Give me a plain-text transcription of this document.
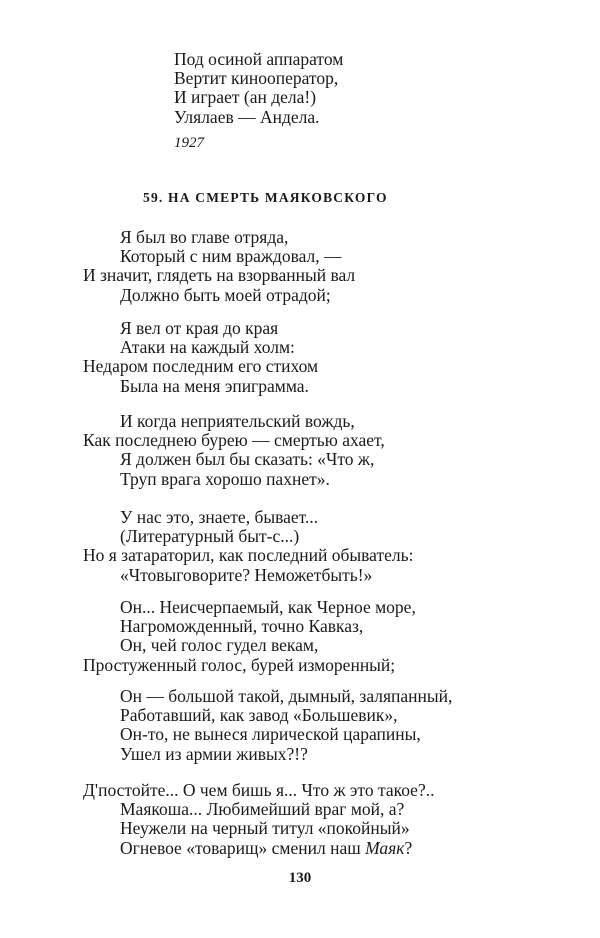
Под осиной аппаратом
Вертит кинооператор,
И играет (ан дела!)
Улялаев — Андела.
1927
59. НА СМЕРТЬ МАЯКОВСКОГО
Я был во главе отряда,
Который с ним враждовал, —
И значит, глядеть на взорванный вал
Должно быть моей отрадой;
Я вел от края до края
Атаки на каждый холм:
Недаром последним его стихом
Была на меня эпиграмма.
И когда неприятельский вождь,
Как последнею бурею — смертью ахает,
Я должен был бы сказать: «Что ж,
Труп врага хорошо пахнет».
У нас это, знаете, бывает...
(Литературный быт-с...)
Но я затараторил, как последний обыватель:
«Чтовыговорите? Неможетбыть!»
Он... Неисчерпаемый, как Черное море,
Нагроможденный, точно Кавказ,
Он, чей голос гудел векам,
Простуженный голос, бурей изморенный;
Он — большой такой, дымный, заляпанный,
Работавший, как завод «Большевик»,
Он-то, не вынеся лирической царапины,
Ушел из армии живых?!?
Д'постойте... О чем бишь я... Что ж это такое?..
Маякоша... Любимейший враг мой, а?
Неужели на черный титул «покойный»
Огневое «товарищ» сменил наш Маяк?
130
